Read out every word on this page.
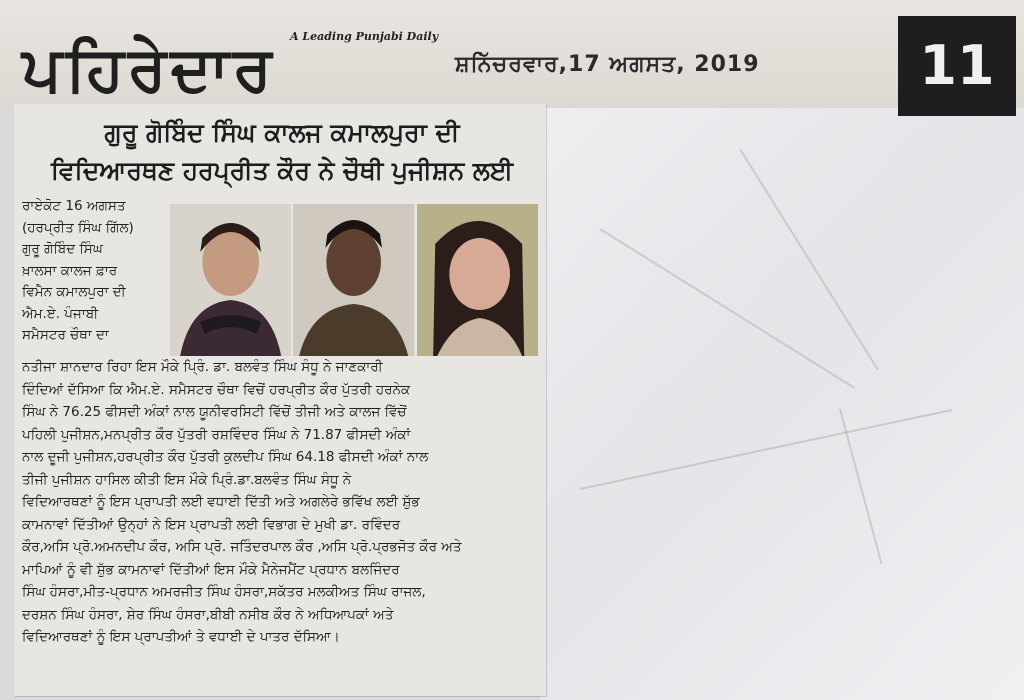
ਪਹਿਰੇਦਾਰ	A Leading Punjabi Daily
ਸ਼ਨਿੱਚਰਵਾਰ,17 ਅਗਸਤ, 2019	11
ਗੁਰੂ ਗੋਬਿੰਦ ਸਿੰਘ ਕਾਲਜ ਕਮਾਲਪੁਰਾ ਦੀ
ਵਿਦਿਆਰਥਣ ਹਰਪ੍ਰੀਤ ਕੌਰ ਨੇ ਚੌਥੀ ਪੁਜੀਸ਼ਨ ਲਈ
ਰਾਏਕੋਟ 16 ਅਗਸਤ
(ਹਰਪ੍ਰੀਤ ਸਿੰਘ ਗਿੱਲ)
ਗੁਰੂ ਗੋਬਿੰਦ ਸਿੰਘ
ਖ਼ਾਲਸਾ ਕਾਲਜ ਫ਼ਾਰ
ਵਿਮੈਨ ਕਮਾਲਪੁਰਾ ਦੀ
ਐਮ.ਏ. ਪੰਜਾਬੀ
ਸਮੈਸਟਰ ਚੌਥਾ ਦਾ
ਨਤੀਜਾ ਸ਼ਾਨਦਾਰ ਰਿਹਾ ਇਸ ਮੌਕੇ ਪ੍ਰਿੰ. ਡਾ. ਬਲਵੰਤ ਸਿੰਘ ਸੰਧੂ ਨੇ ਜਾਣਕਾਰੀ
ਦਿੰਦਿਆਂ ਦੱਸਿਆ ਕਿ ਐਮ.ਏ. ਸਮੈਸਟਰ ਚੌਥਾ ਵਿਚੋਂ ਹਰਪ੍ਰੀਤ ਕੌਰ ਪੁੱਤਰੀ ਹਰਨੇਕ
ਸਿੰਘ ਨੇ 76.25 ਫੀਸਦੀ ਅੰਕਾਂ ਨਾਲ ਯੂਨੀਵਰਸਿਟੀ ਵਿੱਚੋਂ ਤੀਜੀ ਅਤੇ ਕਾਲਜ ਵਿੱਚੋਂ
ਪਹਿਲੀ ਪੁਜੀਸ਼ਨ,ਮਨਪ੍ਰੀਤ ਕੌਰ ਪੁੱਤਰੀ ਰਸ਼ਵਿੰਦਰ ਸਿੰਘ ਨੇ 71.87 ਫੀਸਦੀ ਅੰਕਾਂ
ਨਾਲ ਦੂਜੀ ਪੁਜੀਸ਼ਨ,ਹਰਪ੍ਰੀਤ ਕੌਰ ਪੁੱਤਰੀ ਕੁਲਦੀਪ ਸਿੰਘ 64.18 ਫੀਸਦੀ ਅੰਕਾਂ ਨਾਲ
ਤੀਜੀ ਪੁਜੀਸ਼ਨ ਹਾਸਿਲ ਕੀਤੀ ਇਸ ਮੌਕੇ ਪ੍ਰਿੰ.ਡਾ.ਬਲਵੰਤ ਸਿੰਘ ਸੰਧੂ ਨੇ
ਵਿਦਿਆਰਥਣਾਂ ਨੂੰ ਇਸ ਪ੍ਰਾਪਤੀ ਲਈ ਵਧਾਈ ਦਿੱਤੀ ਅਤੇ ਅਗਲੇਰੇ ਭਵਿੱਖ ਲਈ ਸ਼ੁੱਭ
ਕਾਮਨਾਵਾਂ ਦਿੱਤੀਆਂ ਉਨ੍ਹਾਂ ਨੇ ਇਸ ਪ੍ਰਾਪਤੀ ਲਈ ਵਿਭਾਗ ਦੇ ਮੁਖੀ ਡਾ. ਰਵਿੰਦਰ
ਕੌਰ,ਅਸਿ ਪ੍ਰੋ.ਅਮਨਦੀਪ ਕੌਰ, ਅਸਿ ਪ੍ਰੋ. ਜਤਿੰਦਰਪਾਲ ਕੌਰ ,ਅਸਿ ਪ੍ਰੋ.ਪ੍ਰਭਜੋਤ ਕੌਰ ਅਤੇ
ਮਾਪਿਆਂ ਨੂੰ ਵੀ ਸ਼ੁੱਭ ਕਾਮਨਾਵਾਂ ਦਿੱਤੀਆਂ ਇਸ ਮੌਕੇ ਮੈਨੇਜਮੈਂਟ ਪ੍ਰਧਾਨ ਬਲਜਿੰਦਰ
ਸਿੰਘ ਹੰਸਰਾ,ਮੀਤ-ਪ੍ਰਧਾਨ ਅਮਰਜੀਤ ਸਿੰਘ ਹੰਸਰਾ,ਸਕੱਤਰ ਮਲਕੀਅਤ ਸਿੰਘ ਰਾਜਲ,
ਦਰਸ਼ਨ ਸਿੰਘ ਹੰਸਰਾ, ਸ਼ੇਰ ਸਿੰਘ ਹੰਸਰਾ,ਬੀਬੀ ਨਸੀਬ ਕੌਰ ਨੇ ਅਧਿਆਪਕਾਂ ਅਤੇ
ਵਿਦਿਆਰਥਣਾਂ ਨੂੰ ਇਸ ਪ੍ਰਾਪਤੀਆਂ ਤੇ ਵਧਾਈ ਦੇ ਪਾਤਰ ਦੱਸਿਆ।
